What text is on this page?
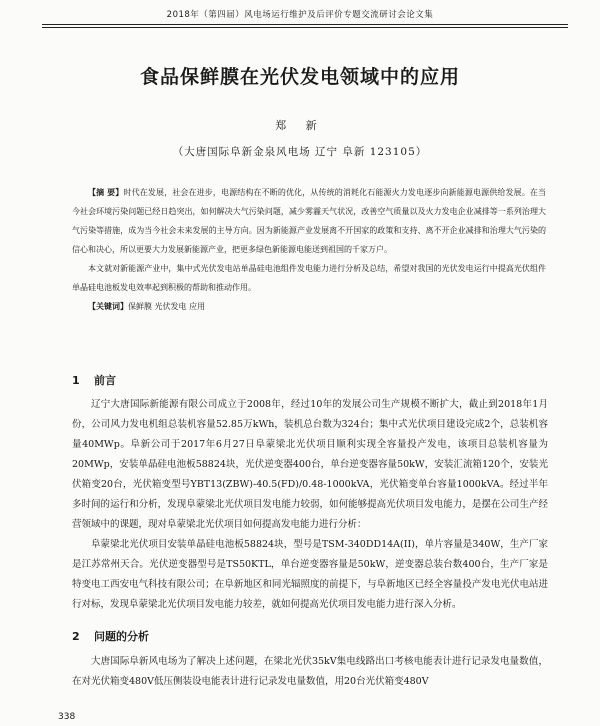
2018年（第四届）风电场运行维护及后评价专题交流研讨会论文集
食品保鲜膜在光伏发电领域中的应用
郑 新
（大唐国际阜新金泉风电场 辽宁 阜新 123105）

【摘 要】时代在发展，社会在进步，电源结构在不断的优化，从传统的消耗化石能源火力发电逐步向新能源电源供给发展。在当今社会环境污染问题已经日趋突出，如何解决大气污染问题，减少雾霾天气状况，改善空气质量以及火力发电企业减排等一系列治理大气污染等措施，成为当今社会未来发展的主导方向。因为新能源产业发展离不开国家的政策和支持、离不开企业减排和治理大气污染的信心和决心，所以更要大力发展新能源产业，把更多绿色新能源电能送到祖国的千家万户。

本文就对新能源产业中，集中式光伏发电站单晶硅电池组件发电能力进行分析及总结，希望对我国的光伏发电运行中提高光伏组件单晶硅电池板发电效率起到积极的帮助和推动作用。

【关键词】保鲜膜 光伏发电 应用

1 前言

辽宁大唐国际新能源有限公司成立于2008年，经过10年的发展公司生产规模不断扩大，截止到2018年1月份，公司风力发电机组总装机容量52.85万kWh，装机总台数为324台；集中式光伏项目建设完成2个，总装机容量40MWp。阜新公司于2017年6月27日阜蒙梁北光伏项目顺利实现全容量投产发电，该项目总装机容量为20MWp，安装单晶硅电池板58824块，光伏逆变器400台，单台逆变器容量50kW，安装汇流箱120个，安装光伏箱变20台，光伏箱变型号YBT13(ZBW)-40.5(FD)/0.48-1000kVA，光伏箱变单台容量1000kVA。经过半年多时间的运行和分析，发现阜蒙梁北光伏项目发电能力较弱，如何能够提高光伏项目发电能力，是摆在公司生产经营领域中的课题，现对阜蒙梁北光伏项目如何提高发电能力进行分析：

阜蒙梁北光伏项目安装单晶硅电池板58824块，型号是TSM-340DD14A(II)，单片容量是340W，生产厂家是江苏常州天合。光伏逆变器型号是TS50KTL，单台逆变器容量是50kW，逆变器总装台数400台，生产厂家是特变电工西安电气科技有限公司；在阜新地区和同光辐照度的前提下，与阜新地区已经全容量投产发电光伏电站进行对标，发现阜蒙梁北光伏项目发电能力较差，就如何提高光伏项目发电能力进行深入分析。

2 问题的分析

大唐国际阜新风电场为了解决上述问题，在梁北光伏35kV集电线路出口考核电能表计进行记录发电量数值，在对光伏箱变480V低压侧装设电能表计进行记录发电量数值，用20台光伏箱变480V

338
